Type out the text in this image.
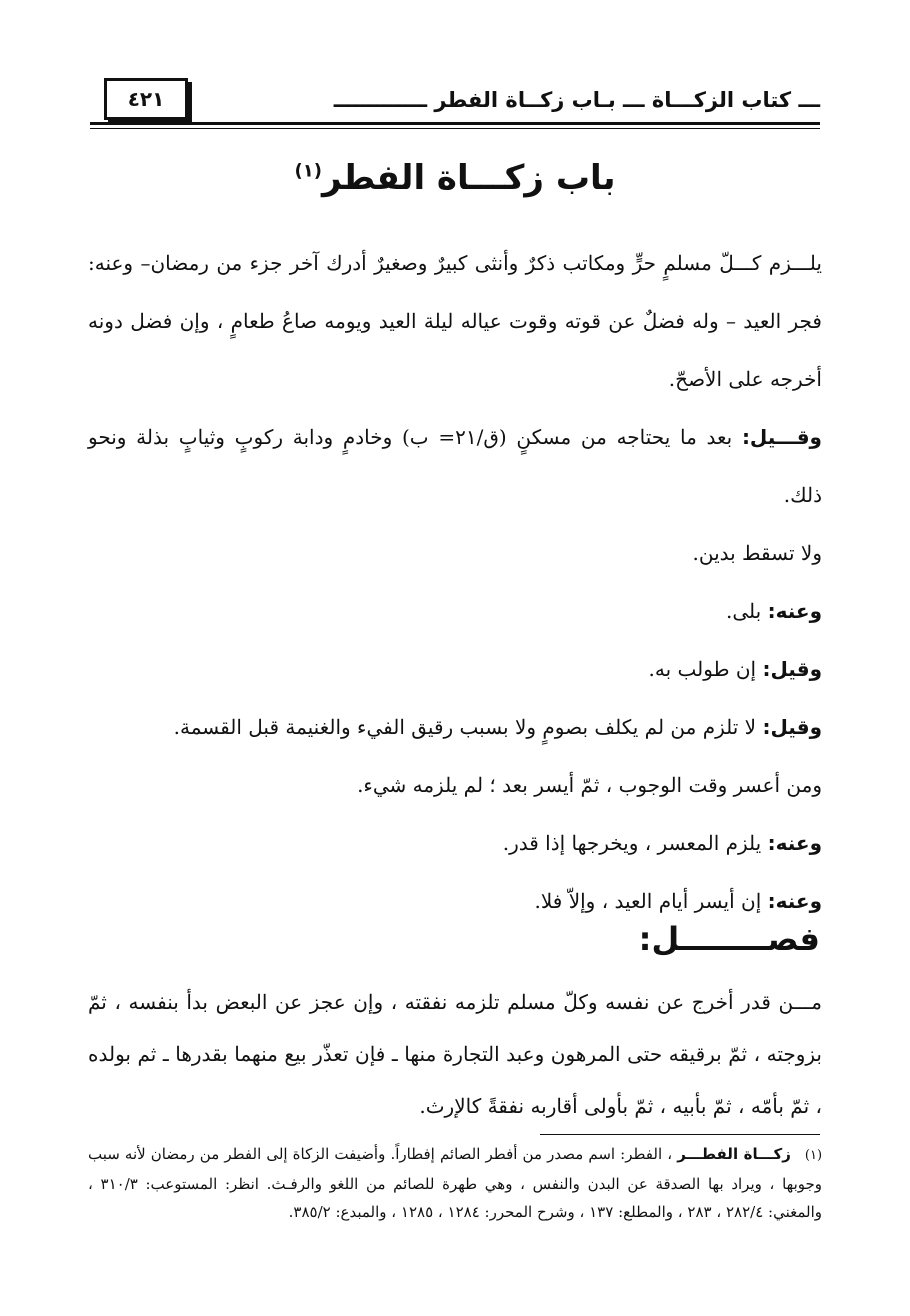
٤٢١	ـــ كتاب الزكـــاة ـــ بـاب زكــاة الفطر ـــــــــــــ
باب زكـــاة الفطر$^{(١)}$

يلـــزم كـــلّ مسلمٍ حرٍّ ومكاتب ذكرٌ وأنثى كبيرٌ وصغيرٌ أدرك آخر جزء من رمضان– وعنه: فجر العيد – وله فضلٌ عن قوته وقوت عياله ليلة العيد ويومه صاعُ طعامٍ ، وإن فضل دونه أخرجه على الأصحّ.

وقـــيل: بعد ما يحتاجه من مسكنٍ (ق/٢١= ب) وخادمٍ ودابة ركوبٍ وثيابٍ بذلة ونحو ذلك.

ولا تسقط بدين.

وعنه: بلى.

وقيل: إن طولب به.

وقيل: لا تلزم من لم يكلف بصومٍ ولا بسبب رقيق الفيء والغنيمة قبل القسمة.

ومن أعسر وقت الوجوب ، ثمّ أيسر بعد ؛ لم يلزمه شيء.

وعنه: يلزم المعسر ، ويخرجها إذا قدر.

وعنه: إن أيسر أيام العيد ، وإلاّ فلا.

فصــــــــل:

مـــن قدر أخرج عن نفسه وكلّ مسلم تلزمه نفقته ، وإن عجز عن البعض بدأ بنفسه ، ثمّ بزوجته ، ثمّ برقيقه حتى المرهون وعبد التجارة منها ـ فإن تعذّر بيع منهما بقدرها ـ ثم بولده ، ثمّ بأمّه ، ثمّ بأبيه ، ثمّ بأولى أقاربه نفقةً كالإرث.

(١)زكـــاة الفطـــر ، الفطر: اسم مصدر من أفطر الصائم إفطاراً. وأضيفت الزكاة إلى الفطر من رمضان لأنه سبب وجوبها ، ويراد بها الصدقة عن البدن والنفس ، وهي طهرة للصائم من اللغو والرفـث. انظر: المستوعب: ٣١٠/٣ ، والمغني: ٢٨٢/٤ ، ٢٨٣ ، والمطلع: ١٣٧ ، وشرح المحرر: ١٢٨٤ ، ١٢٨٥ ، والمبدع: ٣٨٥/٢.
